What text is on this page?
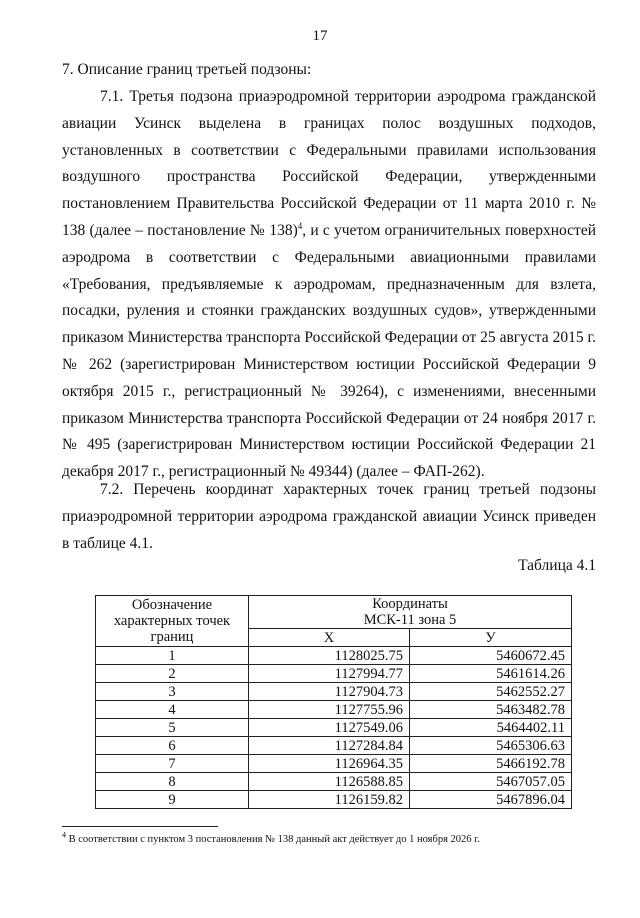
17
7. Описание границ третьей подзоны:

7.1. Третья подзона приаэродромной территории аэродрома гражданской авиации Усинск выделена в границах полос воздушных подходов, установленных в соответствии с Федеральными правилами использования воздушного пространства Российской Федерации, утвержденными постановлением Правительства Российской Федерации от 11 марта 2010 г. № 138 (далее – постановление № 138)$^4$, и с учетом ограничительных поверхностей аэродрома в соответствии с Федеральными авиационными правилами «Требования, предъявляемые к аэродромам, предназначенным для взлета, посадки, руления и стоянки гражданских воздушных судов», утвержденными приказом Министерства транспорта Российской Федерации от 25 августа 2015 г. № 262 (зарегистрирован Министерством юстиции Российской Федерации 9 октября 2015 г., регистрационный № 39264), с изменениями, внесенными приказом Министерства транспорта Российской Федерации от 24 ноября 2017 г. № 495 (зарегистрирован Министерством юстиции Российской Федерации 21 декабря 2017 г., регистрационный № 49344) (далее – ФАП-262).

7.2. Перечень координат характерных точек границ третьей подзоны приаэродромной территории аэродрома гражданской авиации Усинск приведен в таблице 4.1.

Таблица 4.1
Обозначение
характерных точек
границ	Координаты
МСК-11 зона 5	
	X	У
1	1128025.75	5460672.45
2	1127994.77	5461614.26
3	1127904.73	5462552.27
4	1127755.96	5463482.78
5	1127549.06	5464402.11
6	1127284.84	5465306.63
7	1126964.35	5466192.78
8	1126588.85	5467057.05
9	1126159.82	5467896.04
$^4$ В соответствии с пунктом 3 постановления № 138 данный акт действует до 1 ноября 2026 г.
